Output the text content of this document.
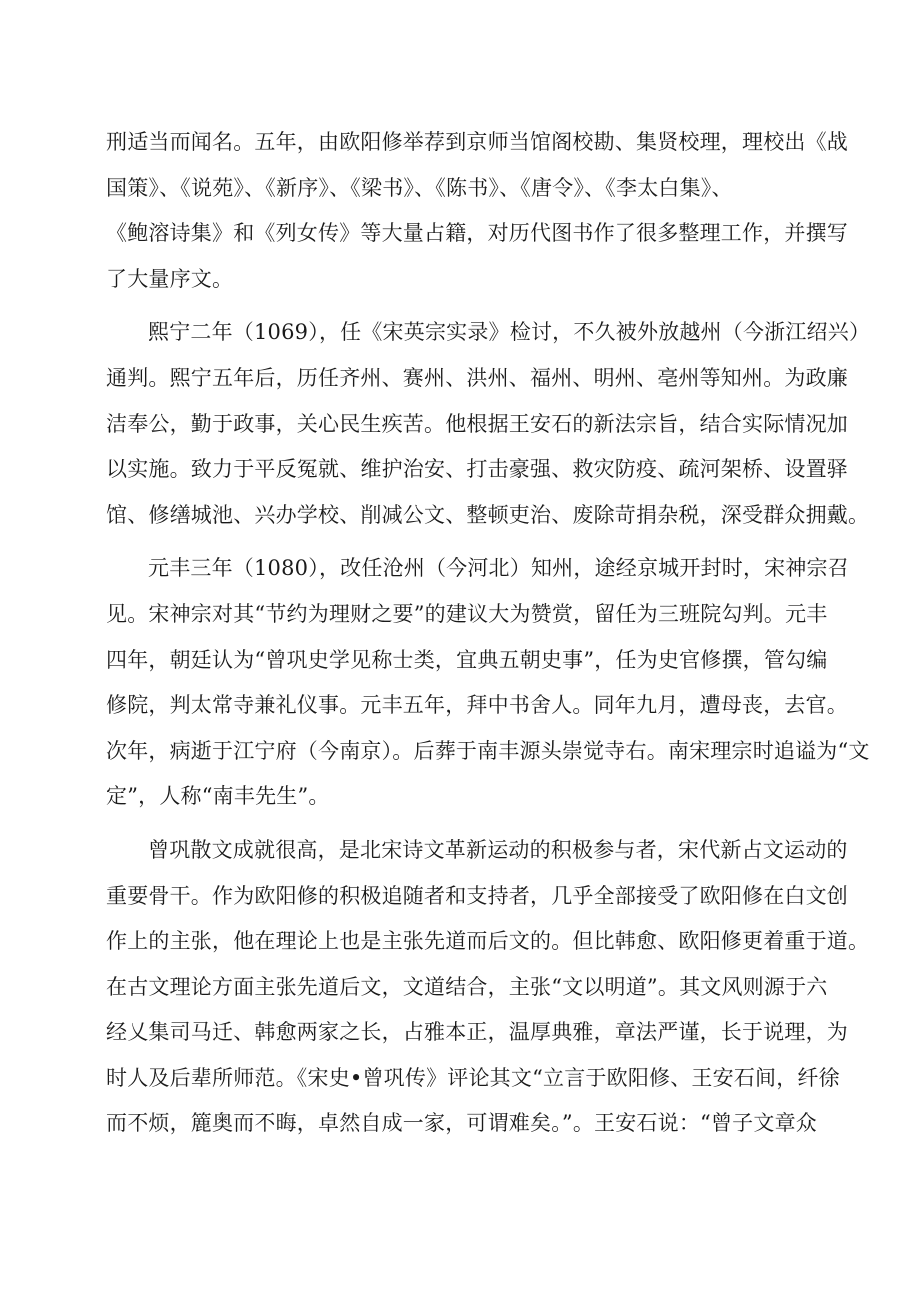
刑适当而闻名。五年，由欧阳修举荐到京师当馆阁校勘、集贤校理，理校出《战
国策》、《说苑》、《新序》、《梁书》、《陈书》、《唐令》、《李太白集》、
《鲍溶诗集》和《列女传》等大量占籍，对历代图书作了很多整理工作，并撰写
了大量序文。

熙宁二年（1069），任《宋英宗实录》检讨，不久被外放越州（今浙江绍兴）
通判。熙宁五年后，历任齐州、赛州、洪州、福州、明州、亳州等知州。为政廉
洁奉公，勤于政事，关心民生疾苦。他根据王安石的新法宗旨，结合实际情况加
以实施。致力于平反冤就、维护治安、打击豪强、救灾防疫、疏河架桥、设置驿
馆、修缮城池、兴办学校、削减公文、整顿吏治、废除苛捐杂税，深受群众拥戴。

元丰三年（1080），改任沧州（今河北）知州，途经京城开封时，宋神宗召
见。宋神宗对其“节约为理财之要”的建议大为赞赏，留任为三班院勾判。元丰
四年，朝廷认为“曾巩史学见称士类，宜典五朝史事”，任为史官修撰，管勾编
修院，判太常寺兼礼仪事。元丰五年，拜中书舍人。同年九月，遭母丧，去官。
次年，病逝于江宁府（今南京）。后葬于南丰源头崇觉寺右。南宋理宗时追谥为“文
定”，人称“南丰先生”。

曾巩散文成就很高，是北宋诗文革新运动的积极参与者，宋代新占文运动的
重要骨干。作为欧阳修的积极追随者和支持者，几乎全部接受了欧阳修在白文创
作上的主张，他在理论上也是主张先道而后文的。但比韩愈、欧阳修更着重于道。
在古文理论方面主张先道后文，文道结合，主张“文以明道”。其文风则源于六
经乂集司马迁、韩愈两家之长，占雅本正，温厚典雅，章法严谨，长于说理，为
时人及后辈所师范。《宋史•曾巩传》评论其文“立言于欧阳修、王安石间，纤徐
而不烦，簏奥而不晦，卓然自成一家，可谓难矣。”。王安石说：“曾子文章众
